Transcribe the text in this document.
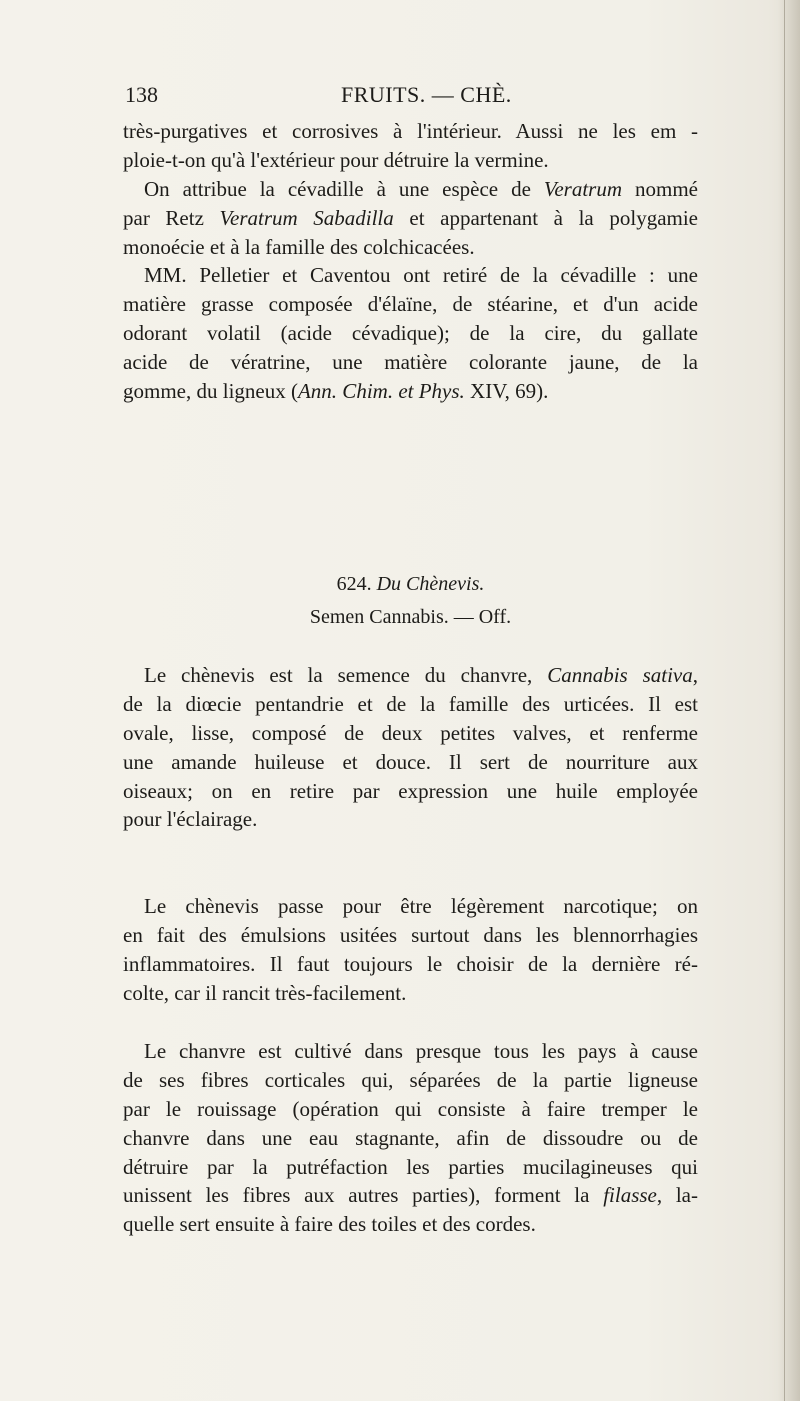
138	FRUITS. — CHÈ.
très-purgatives et corrosives à l'intérieur. Aussi ne les em -
ploie-t-on qu'à l'extérieur pour détruire la vermine.
On attribue la cévadille à une espèce de Veratrum nommé
par Retz Veratrum Sabadilla et appartenant à la polygamie
monoécie et à la famille des colchicacées.
MM. Pelletier et Caventou ont retiré de la cévadille : une
matière grasse composée d'élaïne, de stéarine, et d'un acide
odorant volatil (acide cévadique); de la cire, du gallate
acide de vératrine, une matière colorante jaune, de la
gomme, du ligneux (Ann. Chim. et Phys. XIV, 69).
624. Du Chènevis.
Semen Cannabis. — Off.
Le chènevis est la semence du chanvre, Cannabis sativa,
de la diœcie pentandrie et de la famille des urticées. Il est
ovale, lisse, composé de deux petites valves, et renferme
une amande huileuse et douce. Il sert de nourriture aux
oiseaux; on en retire par expression une huile employée
pour l'éclairage.
Le chènevis passe pour être légèrement narcotique; on
en fait des émulsions usitées surtout dans les blennorrhagies
inflammatoires. Il faut toujours le choisir de la dernière ré-
colte, car il rancit très-facilement.
Le chanvre est cultivé dans presque tous les pays à cause
de ses fibres corticales qui, séparées de la partie ligneuse
par le rouissage (opération qui consiste à faire tremper le
chanvre dans une eau stagnante, afin de dissoudre ou de
détruire par la putréfaction les parties mucilagineuses qui
unissent les fibres aux autres parties), forment la filasse, la-
quelle sert ensuite à faire des toiles et des cordes.
